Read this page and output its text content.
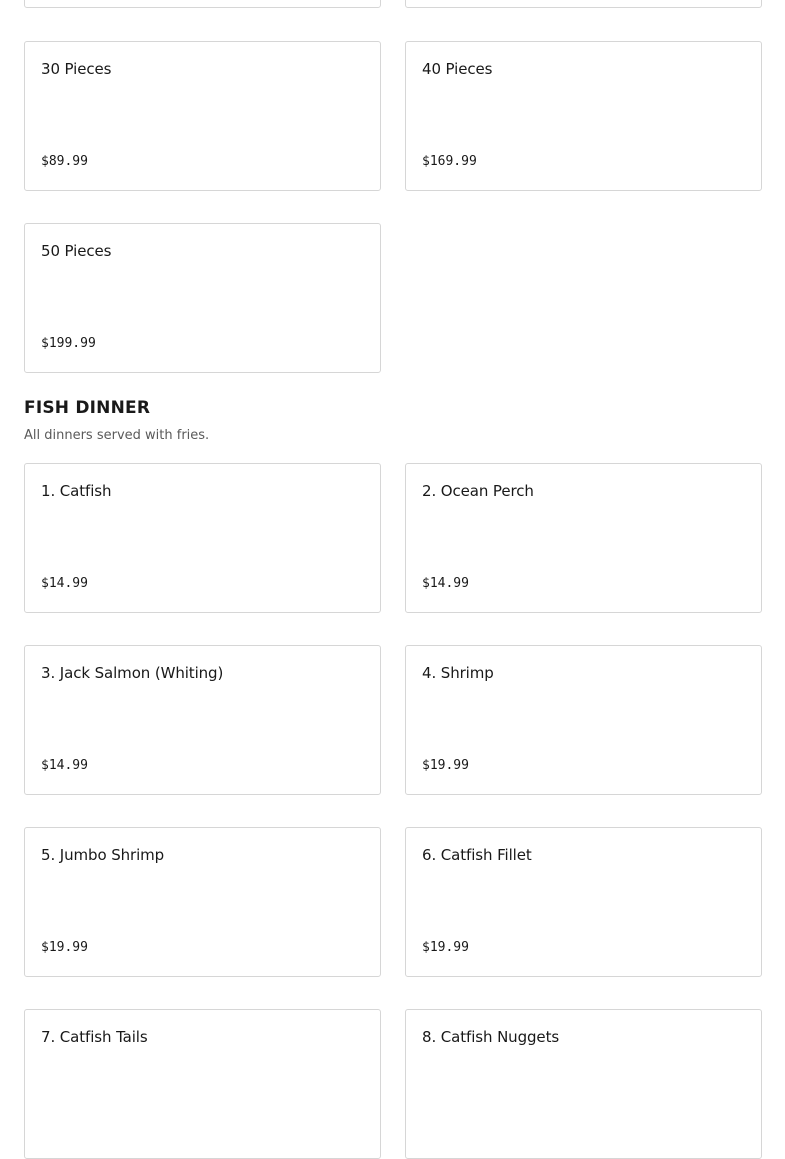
30 Pieces
$89.99
40 Pieces
$169.99
50 Pieces
$199.99
FISH DINNER

All dinners served with fries.

1. Catfish
$14.99
2. Ocean Perch
$14.99
3. Jack Salmon (Whiting)
$14.99
4. Shrimp
$19.99
5. Jumbo Shrimp
$19.99
6. Catfish Fillet
$19.99
7. Catfish Tails	8. Catfish Nuggets
